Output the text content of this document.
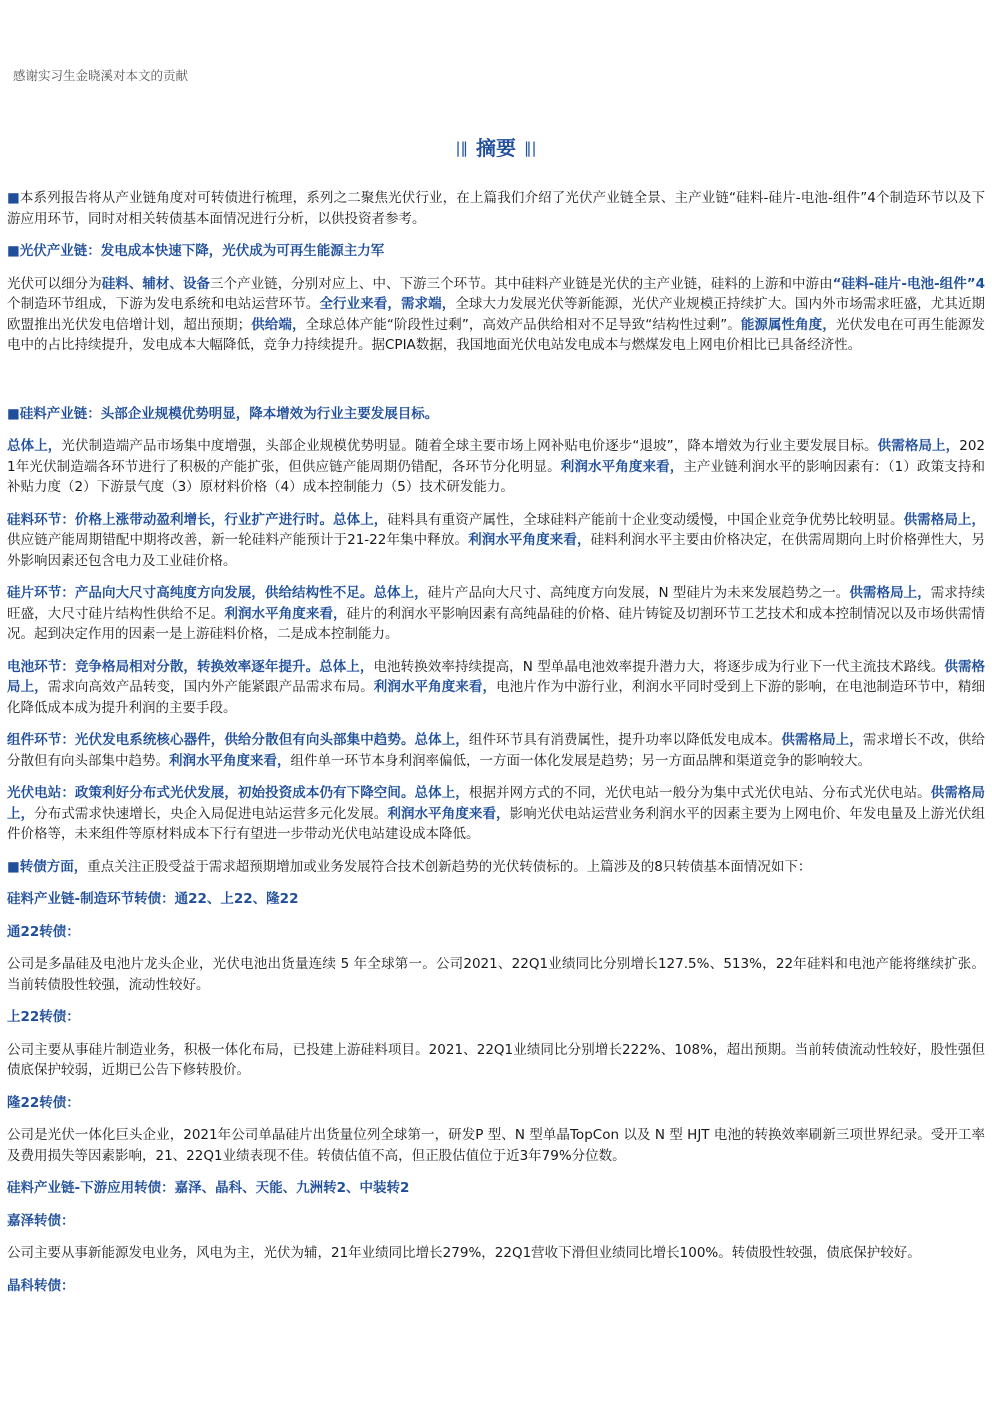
感谢实习生金晓溪对本文的贡献
|‖ 摘要 ‖|

■本系列报告将从产业链角度对可转债进行梳理，系列之二聚焦光伏行业，在上篇我们介绍了光伏产业链全景、主产业链“硅料-硅片-电池-组件”4个制造环节以及下游应用环节，同时对相关转债基本面情况进行分析，以供投资者参考。

■光伏产业链：发电成本快速下降，光伏成为可再生能源主力军

光伏可以细分为硅料、辅材、设备三个产业链，分别对应上、中、下游三个环节。其中硅料产业链是光伏的主产业链，硅料的上游和中游由“硅料-硅片-电池-组件”4个制造环节组成，下游为发电系统和电站运营环节。全行业来看，需求端，全球大力发展光伏等新能源，光伏产业规模正持续扩大。国内外市场需求旺盛，尤其近期欧盟推出光伏发电倍增计划，超出预期；供给端，全球总体产能“阶段性过剩”，高效产品供给相对不足导致“结构性过剩”。能源属性角度，光伏发电在可再生能源发电中的占比持续提升，发电成本大幅降低，竞争力持续提升。据CPIA数据，我国地面光伏电站发电成本与燃煤发电上网电价相比已具备经济性。

■硅料产业链：头部企业规模优势明显，降本增效为行业主要发展目标。

总体上，光伏制造端产品市场集中度增强，头部企业规模优势明显。随着全球主要市场上网补贴电价逐步“退坡”，降本增效为行业主要发展目标。供需格局上，2021年光伏制造端各环节进行了积极的产能扩张，但供应链产能周期仍错配，各环节分化明显。利润水平角度来看，主产业链利润水平的影响因素有：（1）政策支持和补贴力度（2）下游景气度（3）原材料价格（4）成本控制能力（5）技术研发能力。

硅料环节：价格上涨带动盈利增长，行业扩产进行时。总体上，硅料具有重资产属性，全球硅料产能前十企业变动缓慢，中国企业竞争优势比较明显。供需格局上，供应链产能周期错配中期将改善，新一轮硅料产能预计于21-22年集中释放。利润水平角度来看，硅料利润水平主要由价格决定，在供需周期向上时价格弹性大，另外影响因素还包含电力及工业硅价格。

硅片环节：产品向大尺寸高纯度方向发展，供给结构性不足。总体上，硅片产品向大尺寸、高纯度方向发展，N 型硅片为未来发展趋势之一。供需格局上，需求持续旺盛，大尺寸硅片结构性供给不足。利润水平角度来看，硅片的利润水平影响因素有高纯晶硅的价格、硅片铸锭及切割环节工艺技术和成本控制情况以及市场供需情况。起到决定作用的因素一是上游硅料价格，二是成本控制能力。

电池环节：竞争格局相对分散，转换效率逐年提升。总体上，电池转换效率持续提高，N 型单晶电池效率提升潜力大，将逐步成为行业下一代主流技术路线。供需格局上，需求向高效产品转变，国内外产能紧跟产品需求布局。利润水平角度来看，电池片作为中游行业，利润水平同时受到上下游的影响，在电池制造环节中，精细化降低成本成为提升利润的主要手段。

组件环节：光伏发电系统核心器件，供给分散但有向头部集中趋势。总体上，组件环节具有消费属性，提升功率以降低发电成本。供需格局上，需求增长不改，供给分散但有向头部集中趋势。利润水平角度来看，组件单一环节本身利润率偏低，一方面一体化发展是趋势；另一方面品牌和渠道竞争的影响较大。

光伏电站：政策利好分布式光伏发展，初始投资成本仍有下降空间。总体上，根据并网方式的不同，光伏电站一般分为集中式光伏电站、分布式光伏电站。供需格局上，分布式需求快速增长，央企入局促进电站运营多元化发展。利润水平角度来看，影响光伏电站运营业务利润水平的因素主要为上网电价、年发电量及上游光伏组件价格等，未来组件等原材料成本下行有望进一步带动光伏电站建设成本降低。

■转债方面，重点关注正股受益于需求超预期增加或业务发展符合技术创新趋势的光伏转债标的。上篇涉及的8只转债基本面情况如下：

硅料产业链-制造环节转债：通22、上22、隆22
通22转债：

公司是多晶硅及电池片龙头企业，光伏电池出货量连续 5 年全球第一。公司2021、22Q1业绩同比分别增长127.5%、513%，22年硅料和电池产能将继续扩张。当前转债股性较强，流动性较好。

上22转债：

公司主要从事硅片制造业务，积极一体化布局，已投建上游硅料项目。2021、22Q1业绩同比分别增长222%、108%，超出预期。当前转债流动性较好，股性强但债底保护较弱，近期已公告下修转股价。

隆22转债：

公司是光伏一体化巨头企业，2021年公司单晶硅片出货量位列全球第一，研发P 型、N 型单晶TopCon 以及 N 型 HJT 电池的转换效率刷新三项世界纪录。受开工率及费用损失等因素影响，21、22Q1业绩表现不佳。转债估值不高，但正股估值位于近3年79%分位数。

硅料产业链-下游应用转债：嘉泽、晶科、天能、九洲转2、中装转2
嘉泽转债：

公司主要从事新能源发电业务，风电为主，光伏为辅，21年业绩同比增长279%，22Q1营收下滑但业绩同比增长100%。转债股性较强，债底保护较好。

晶科转债：
